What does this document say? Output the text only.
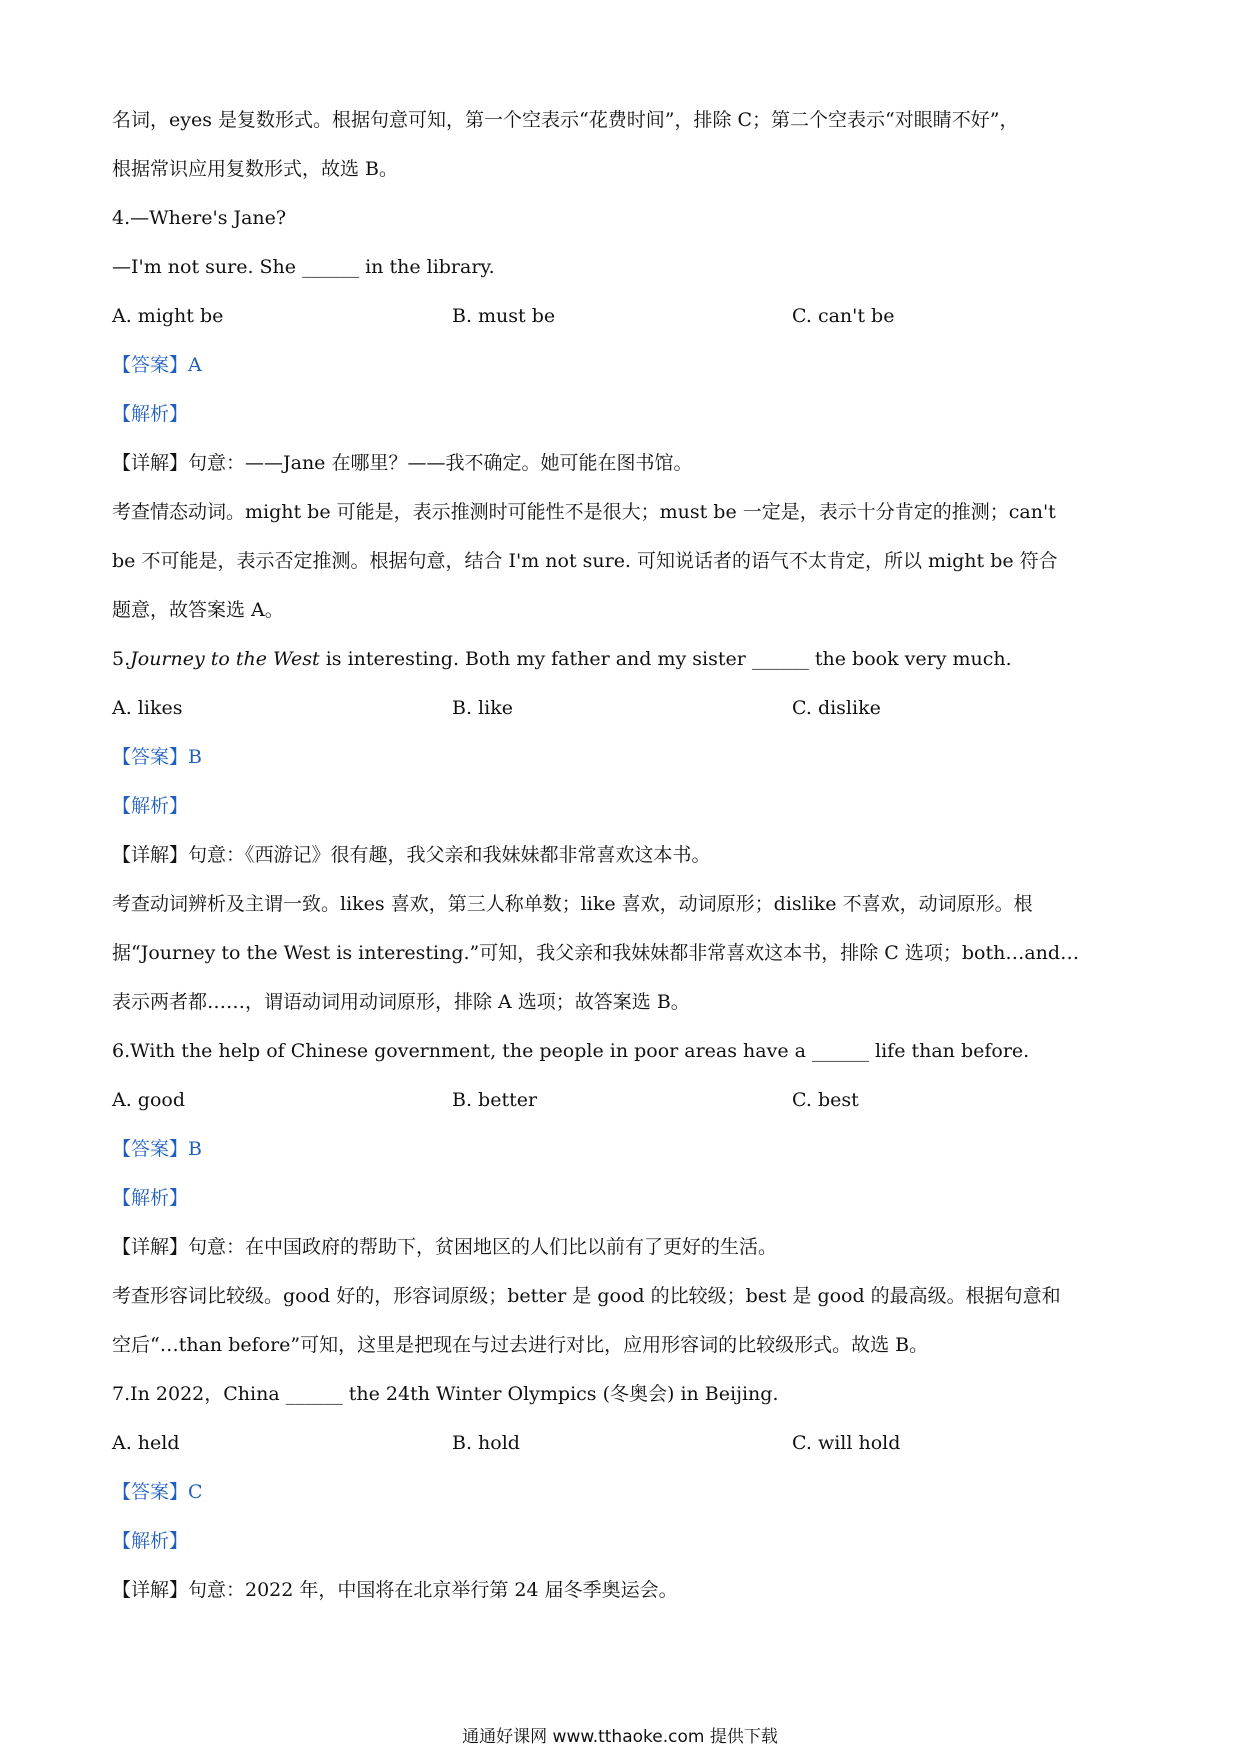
名词，eyes 是复数形式。根据句意可知，第一个空表示“花费时间”，排除 C；第二个空表示“对眼睛不好”，
根据常识应用复数形式，故选 B。
4.—Where's Jane?
—I'm not sure. She ______ in the library.
A. might be	B. must be	C. can't be
【答案】A
【解析】
【详解】句意：——Jane 在哪里？——我不确定。她可能在图书馆。
考查情态动词。might be 可能是，表示推测时可能性不是很大；must be 一定是，表示十分肯定的推测；can't
be 不可能是，表示否定推测。根据句意，结合 I'm not sure. 可知说话者的语气不太肯定，所以 might be 符合
题意，故答案选 A。
5.Journey to the West is interesting. Both my father and my sister ______ the book very much.
A. likes	B. like	C. dislike
【答案】B
【解析】
【详解】句意：《西游记》很有趣，我父亲和我妹妹都非常喜欢这本书。
考查动词辨析及主谓一致。likes 喜欢，第三人称单数；like 喜欢，动词原形；dislike 不喜欢，动词原形。根
据“Journey to the West is interesting.”可知，我父亲和我妹妹都非常喜欢这本书，排除 C 选项；both…and…
表示两者都……，谓语动词用动词原形，排除 A 选项；故答案选 B。
6.With the help of Chinese government, the people in poor areas have a ______ life than before.
A. good	B. better	C. best
【答案】B
【解析】
【详解】句意：在中国政府的帮助下，贫困地区的人们比以前有了更好的生活。
考查形容词比较级。good 好的，形容词原级；better 是 good 的比较级；best 是 good 的最高级。根据句意和
空后“…than before”可知，这里是把现在与过去进行对比，应用形容词的比较级形式。故选 B。
7.In 2022，China ______ the 24th Winter Olympics (冬奥会) in Beijing.
A. held	B. hold	C. will hold
【答案】C
【解析】
【详解】句意：2022 年，中国将在北京举行第 24 届冬季奥运会。
通通好课网 www.tthaoke.com 提供下载
